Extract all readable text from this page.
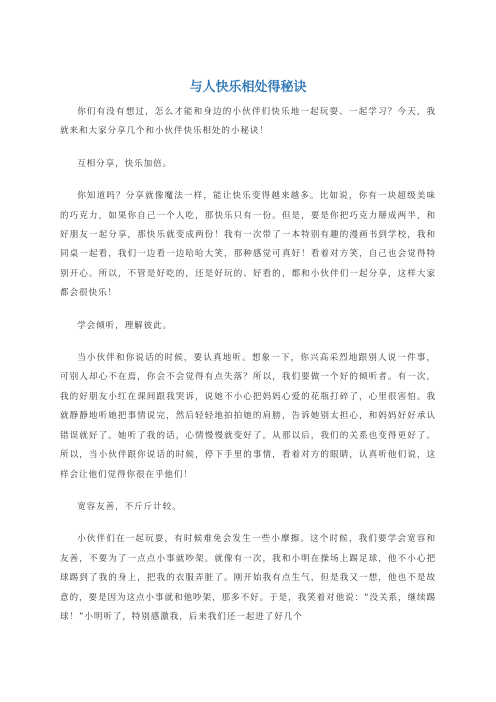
与人快乐相处得秘诀

你们有没有想过，怎么才能和身边的小伙伴们快乐地一起玩耍、一起学习？今天，我就来和大家分享几个和小伙伴快乐相处的小秘诀！

互相分享，快乐加倍。

你知道吗？分享就像魔法一样，能让快乐变得越来越多。比如说，你有一块超级美味的巧克力，如果你自己一个人吃，那快乐只有一份。但是，要是你把巧克力掰成两半，和好朋友一起分享，那快乐就变成两份！我有一次带了一本特别有趣的漫画书到学校，我和同桌一起看，我们一边看一边哈哈大笑，那种感觉可真好！看着对方笑，自己也会觉得特别开心。所以，不管是好吃的，还是好玩的、好看的，都和小伙伴们一起分享，这样大家都会很快乐！

学会倾听，理解彼此。

当小伙伴和你说话的时候，要认真地听。想象一下，你兴高采烈地跟别人说一件事，可别人却心不在焉，你会不会觉得有点失落？所以，我们要做一个好的倾听者。有一次，我的好朋友小红在课间跟我哭诉，说她不小心把妈妈心爱的花瓶打碎了，心里很害怕。我就静静地听她把事情说完，然后轻轻地拍拍她的肩膀，告诉她别太担心，和妈妈好好承认错误就好了。她听了我的话，心情慢慢就变好了。从那以后，我们的关系也变得更好了。所以，当小伙伴跟你说话的时候，停下手里的事情，看着对方的眼睛，认真听他们说，这样会让他们觉得你很在乎他们！

宽容友善，不斤斤计较。

小伙伴们在一起玩耍，有时候难免会发生一些小摩擦。这个时候，我们要学会宽容和友善，不要为了一点点小事就吵架。就像有一次，我和小明在操场上踢足球，他不小心把球踢到了我的身上，把我的衣服弄脏了。刚开始我有点生气，但是我又一想，他也不是故意的，要是因为这点小事就和他吵架，那多不好。于是，我笑着对他说：“没关系，继续踢球！”小明听了，特别感激我，后来我们还一起进了好几个
